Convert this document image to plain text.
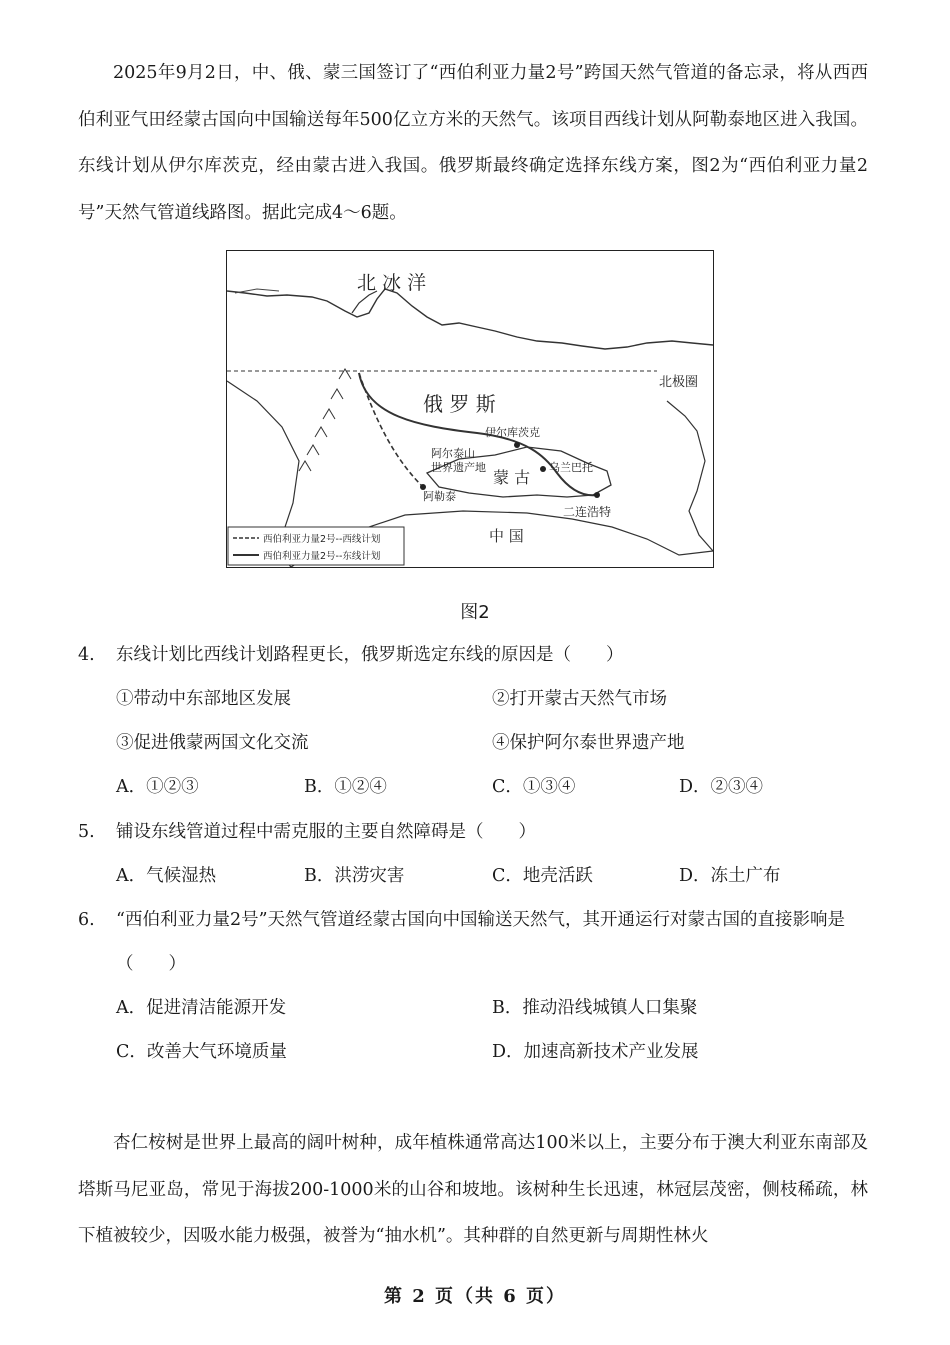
2025年9月2日，中、俄、蒙三国签订了“西伯利亚力量2号”跨国天然气管道的备忘录，将从西西伯利亚气田经蒙古国向中国输送每年500亿立方米的天然气。该项目西线计划从阿勒泰地区进入我国。东线计划从伊尔库茨克，经由蒙古进入我国。俄罗斯最终确定选择东线方案，图2为“西伯利亚力量2号”天然气管道线路图。据此完成4～6题。

北 冰 洋
北极圈
俄 罗 斯
伊尔库茨克
阿尔泰山
世界遗产地
蒙 古
乌兰巴托
阿勒泰
二连浩特
中 国
西伯利亚力量2号--西线计划
西伯利亚力量2号--东线计划
图2
4. 东线计划比西线计划路程更长，俄罗斯选定东线的原因是（　　）
①带动中东部地区发展	②打开蒙古天然气市场
③促进俄蒙两国文化交流	④保护阿尔泰世界遗产地
A．①②③	B．①②④	C．①③④	D．②③④
5. 铺设东线管道过程中需克服的主要自然障碍是（　　）
A．气候湿热	B．洪涝灾害	C．地壳活跃	D．冻土广布
6. “西伯利亚力量2号”天然气管道经蒙古国向中国输送天然气，其开通运行对蒙古国的直接影响是（　　）
A．促进清洁能源开发	B．推动沿线城镇人口集聚
C．改善大气环境质量	D．加速高新技术产业发展

杏仁桉树是世界上最高的阔叶树种，成年植株通常高达100米以上，主要分布于澳大利亚东南部及塔斯马尼亚岛，常见于海拔200-1000米的山谷和坡地。该树种生长迅速，林冠层茂密，侧枝稀疏，林下植被较少，因吸水能力极强，被誉为“抽水机”。其种群的自然更新与周期性林火

第 2 页（共 6 页）
